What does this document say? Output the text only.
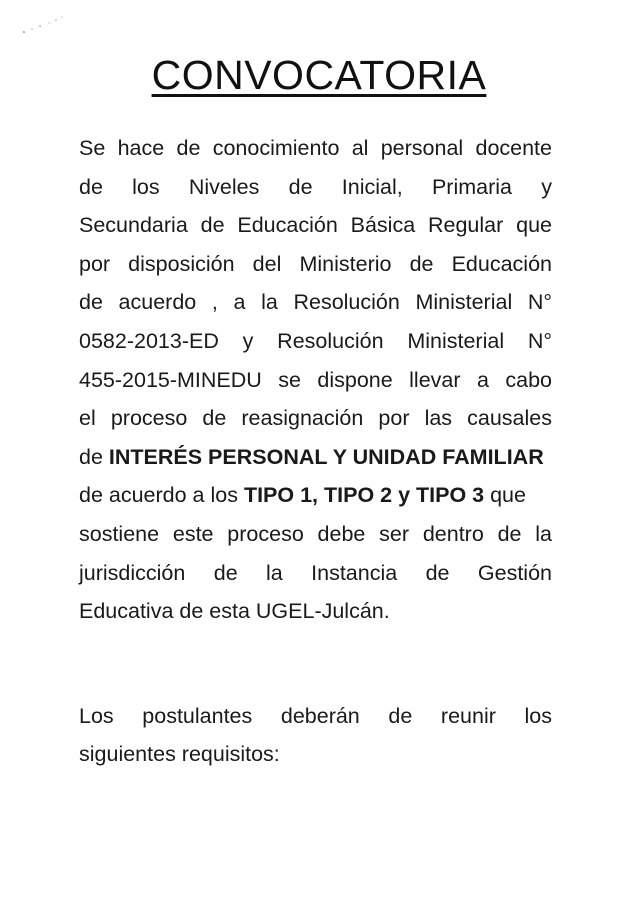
CONVOCATORIA
Se hace de conocimiento al personal docente
de los Niveles de Inicial, Primaria y
Secundaria de Educación Básica Regular que
por disposición del Ministerio de Educación
de acuerdo , a la Resolución Ministerial N°
0582-2013-ED y Resolución Ministerial N°
455-2015-MINEDU se dispone llevar a cabo
el proceso de reasignación por las causales
de INTERÉS PERSONAL Y UNIDAD FAMILIAR
de acuerdo a los TIPO 1, TIPO 2 y TIPO 3 que
sostiene este proceso debe ser dentro de la
jurisdicción de la Instancia de Gestión
Educativa de esta UGEL-Julcán.
Los postulantes deberán de reunir los
siguientes requisitos:
